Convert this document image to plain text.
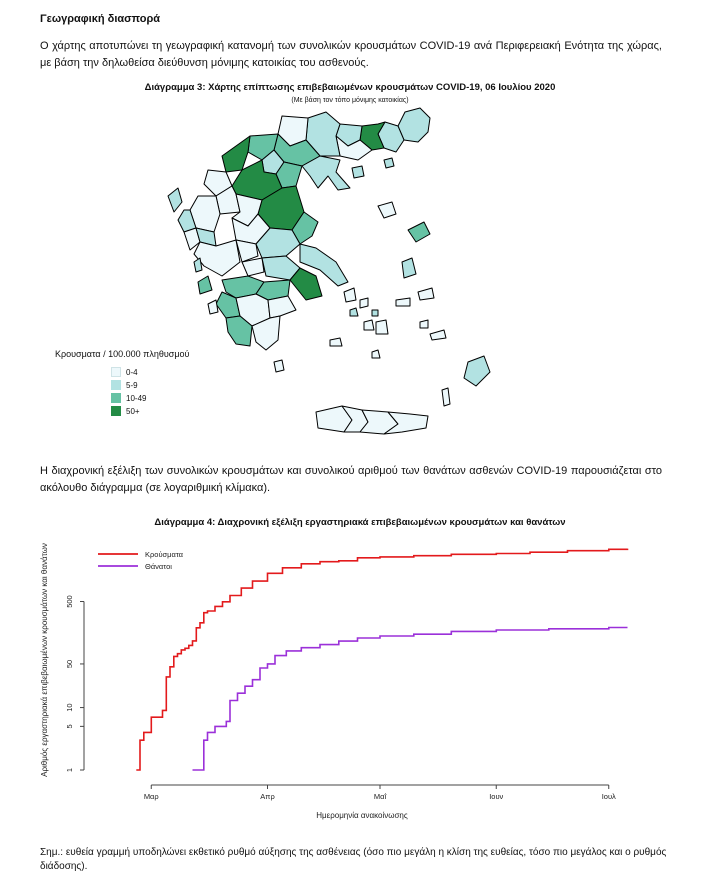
Γεωγραφική διασπορά
Ο χάρτης αποτυπώνει τη γεωγραφική κατανομή των συνολικών κρουσμάτων COVID-19 ανά Περιφερειακή Ενότητα της χώρας, με βάση την δηλωθείσα διεύθυνση μόνιμης κατοικίας του ασθενούς.
Διάγραμμα 3: Χάρτης επίπτωσης επιβεβαιωμένων κρουσμάτων COVID-19, 06 Ιουλίου 2020
(Με βάση τον τόπο μόνιμης κατοικίας)
Κρουσματα / 100.000 πληθυσμού
0-4
5-9
10-49
50+
Η διαχρονική εξέλιξη των συνολικών κρουσμάτων και συνολικού αριθμού των θανάτων ασθενών COVID-19 παρουσιάζεται στο ακόλουθο διάγραμμα (σε λογαριθμική κλίμακα).
Διάγραμμα 4: Διαχρονική εξέλιξη εργαστηριακά επιβεβαιωμένων κρουσμάτων και θανάτων
1
5
10
50
500
Μαρ	Απρ	Μαΐ	Ιουν	Ιουλ
Κρούσματα
Θάνατοι
Ημερομηνία ανακοίνωσης
Αριθμός εργαστηριακά επιβεβαιωμένων κρουσμάτων και θανάτων
Σημ.: ευθεία γραμμή υποδηλώνει εκθετικό ρυθμό αύξησης της ασθένειας (όσο πιο μεγάλη η κλίση της ευθείας, τόσο πιο μεγάλος και ο ρυθμός διάδοσης).
